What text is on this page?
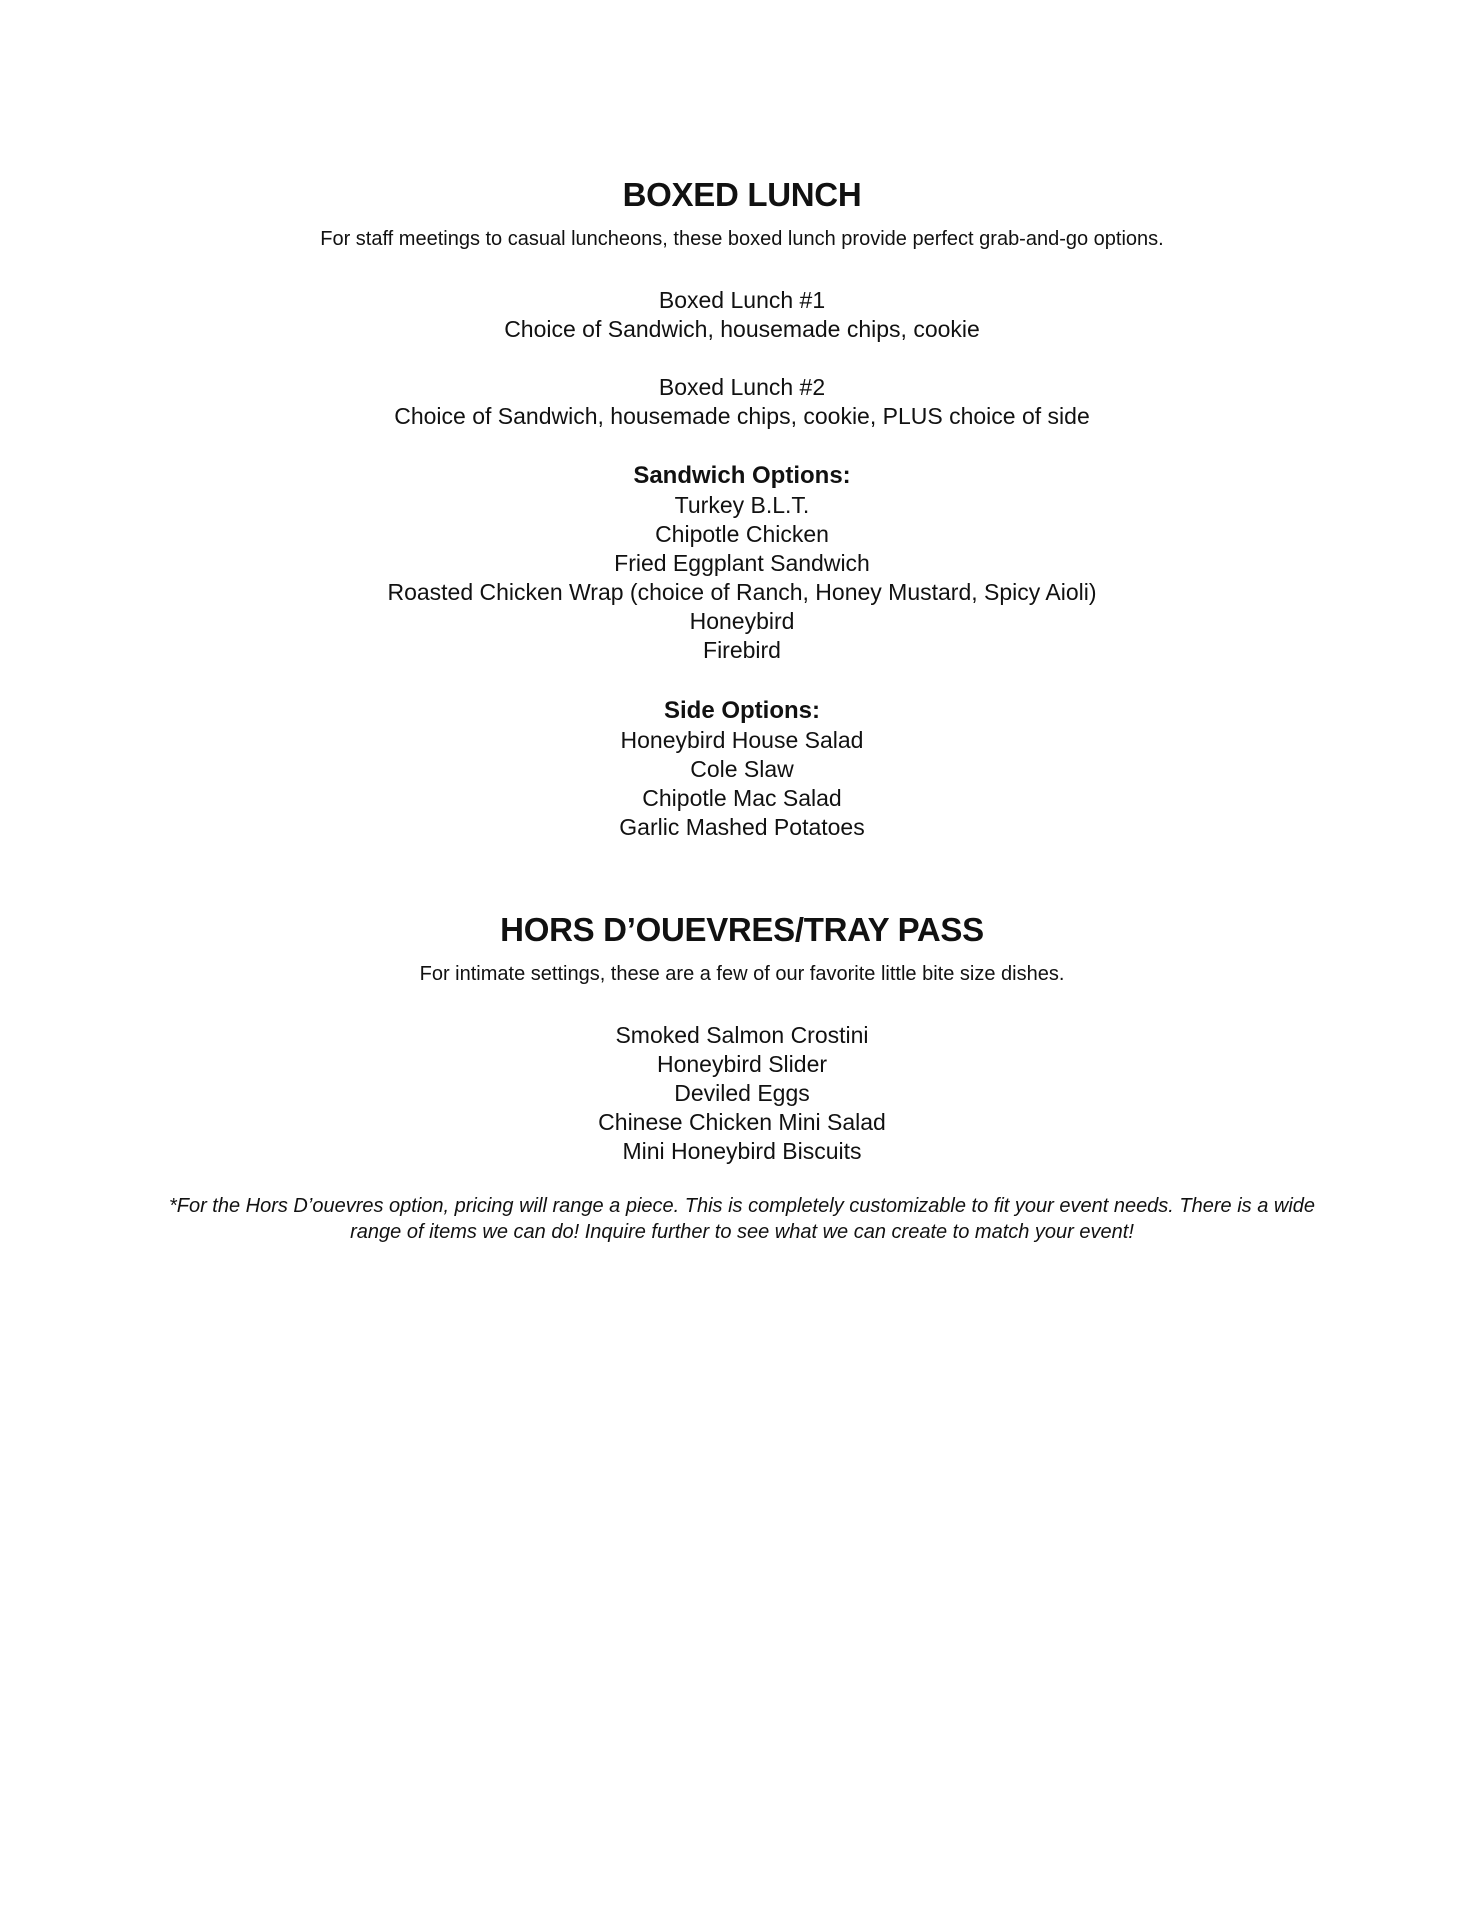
BOXED LUNCH

For staff meetings to casual luncheons, these boxed lunch provide perfect grab-and-go options.

Boxed Lunch #1

Choice of Sandwich, housemade chips, cookie

Boxed Lunch #2

Choice of Sandwich, housemade chips, cookie, PLUS choice of side

Sandwich Options:

Turkey B.L.T.

Chipotle Chicken

Fried Eggplant Sandwich

Roasted Chicken Wrap (choice of Ranch, Honey Mustard, Spicy Aioli)

Honeybird

Firebird

Side Options:

Honeybird House Salad

Cole Slaw

Chipotle Mac Salad

Garlic Mashed Potatoes

HORS D’OUEVRES/TRAY PASS

For intimate settings, these are a few of our favorite little bite size dishes.

Smoked Salmon Crostini

Honeybird Slider

Deviled Eggs

Chinese Chicken Mini Salad

Mini Honeybird Biscuits

*For the Hors D’ouevres option, pricing will range a piece. This is completely customizable to fit your event needs. There is a wide range of items we can do! Inquire further to see what we can create to match your event!
